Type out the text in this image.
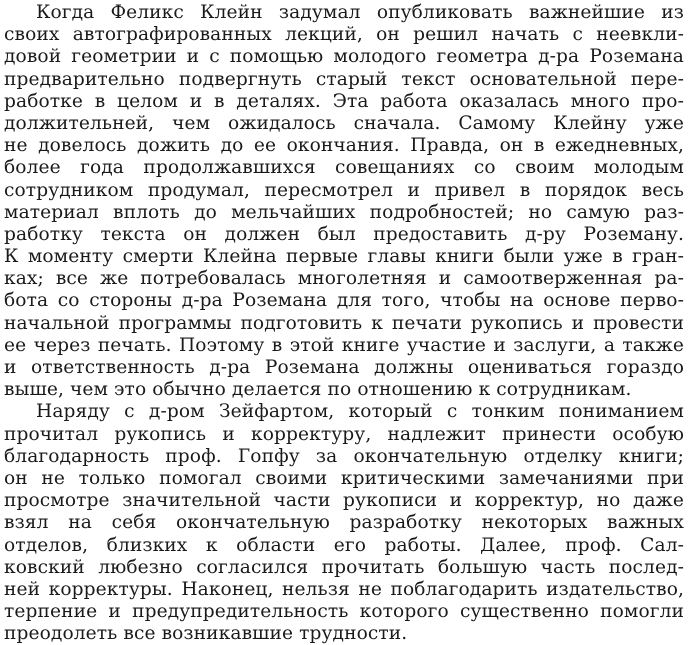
Когда Феликс Клейн задумал опубликовать важнейшие из
своих автографированных лекций, он решил начать с неевкли-
довой геометрии и с помощью молодого геометра д-ра Роземана
предварительно подвергнуть старый текст основательной пере-
работке в целом и в деталях. Эта работа оказалась много про-
должительней, чем ожидалось сначала. Самому Клейну уже
не довелось дожить до ее окончания. Правда, он в ежедневных,
более года продолжавшихся совещаниях со своим молодым
сотрудником продумал, пересмотрел и привел в порядок весь
материал вплоть до мельчайших подробностей; но самую раз-
работку текста он должен был предоставить д-ру Роземану.
К моменту смерти Клейна первые главы книги были уже в гран-
ках; все же потребовалась многолетняя и самоотверженная ра-
бота со стороны д-ра Роземана для того, чтобы на основе перво-
начальной программы подготовить к печати рукопись и провести
ее через печать. Поэтому в этой книге участие и заслуги, а также
и ответственность д-ра Роземана должны оцениваться гораздо
выше, чем это обычно делается по отношению к сотрудникам.
Наряду с д-ром Зейфартом, который с тонким пониманием
прочитал рукопись и корректуру, надлежит принести особую
благодарность проф. Гопфу за окончательную отделку книги;
он не только помогал своими критическими замечаниями при
просмотре значительной части рукописи и корректур, но даже
взял на себя окончательную разработку некоторых важных
отделов, близких к области его работы. Далее, проф. Сал-
ковский любезно согласился прочитать большую часть послед-
ней корректуры. Наконец, нельзя не поблагодарить издательство,
терпение и предупредительность которого существенно помогли
преодолеть все возникавшие трудности.
